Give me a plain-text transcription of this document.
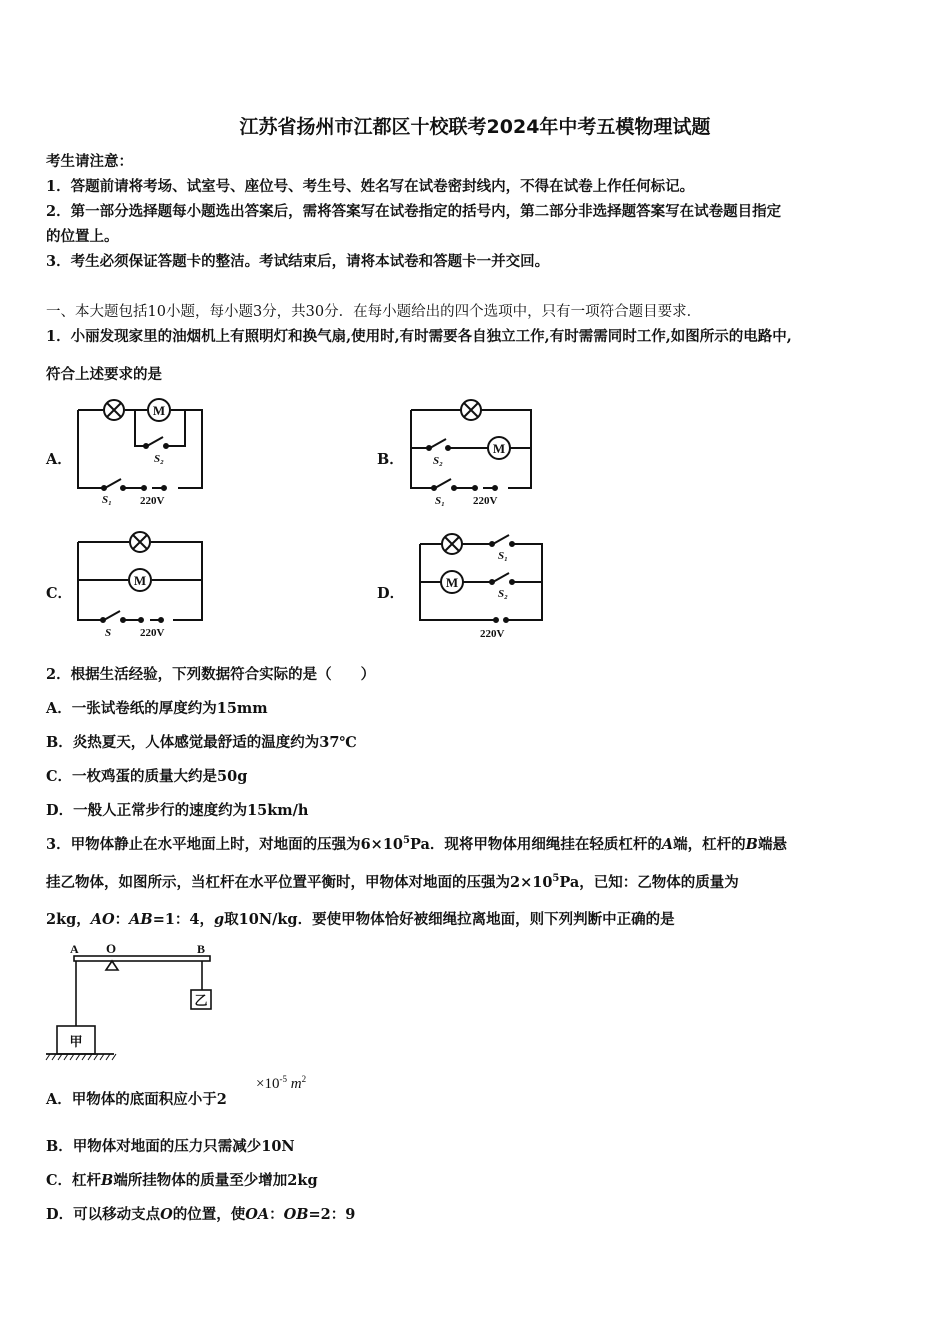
江苏省扬州市江都区十校联考2024年中考五模物理试题
考生请注意：
1．答题前请将考场、试室号、座位号、考生号、姓名写在试卷密封线内，不得在试卷上作任何标记。
2．第一部分选择题每小题选出答案后，需将答案写在试卷指定的括号内，第二部分非选择题答案写在试卷题目指定
的位置上。
3．考生必须保证答题卡的整洁。考试结束后，请将本试卷和答题卡一并交回。
一、本大题包括10小题，每小题3分，共30分．在每小题给出的四个选项中，只有一项符合题目要求．
1．小丽发现家里的油烟机上有照明灯和换气扇,使用时,有时需要各自独立工作,有时需需同时工作,如图所示的电路中,
符合上述要求的是
A．	B．
C．	D．
M
S₂
S₁	220V
M
S₂
S₁	220V
M
S	220V
M
S₁
S₂
220V
2．根据生活经验，下列数据符合实际的是（　　）
A．一张试卷纸的厚度约为15mm
B．炎热夏天，人体感觉最舒适的温度约为37℃
C．一枚鸡蛋的质量大约是50g
D．一般人正常步行的速度约为15km/h
3．甲物体静止在水平地面上时，对地面的压强为$6\times 10^5Pa$．现将甲物体用细绳挂在轻质杠杆的A端，杠杆的B端悬
挂乙物体，如图所示，当杠杆在水平位置平衡时，甲物体对地面的压强为$2\times 10^5Pa$，已知：乙物体的质量为
2kg，AO：AB=1：4，g取10N/kg．要使甲物体恰好被细绳拉离地面，则下列判断中正确的是
乙
甲
A O	B
A．甲物体的底面积应小于2
$\times 10^{-5}$ $m^2$
B．甲物体对地面的压力只需减少10N
C．杠杆B端所挂物体的质量至少增加2kg
D．可以移动支点O的位置，使OA：OB=2：9
